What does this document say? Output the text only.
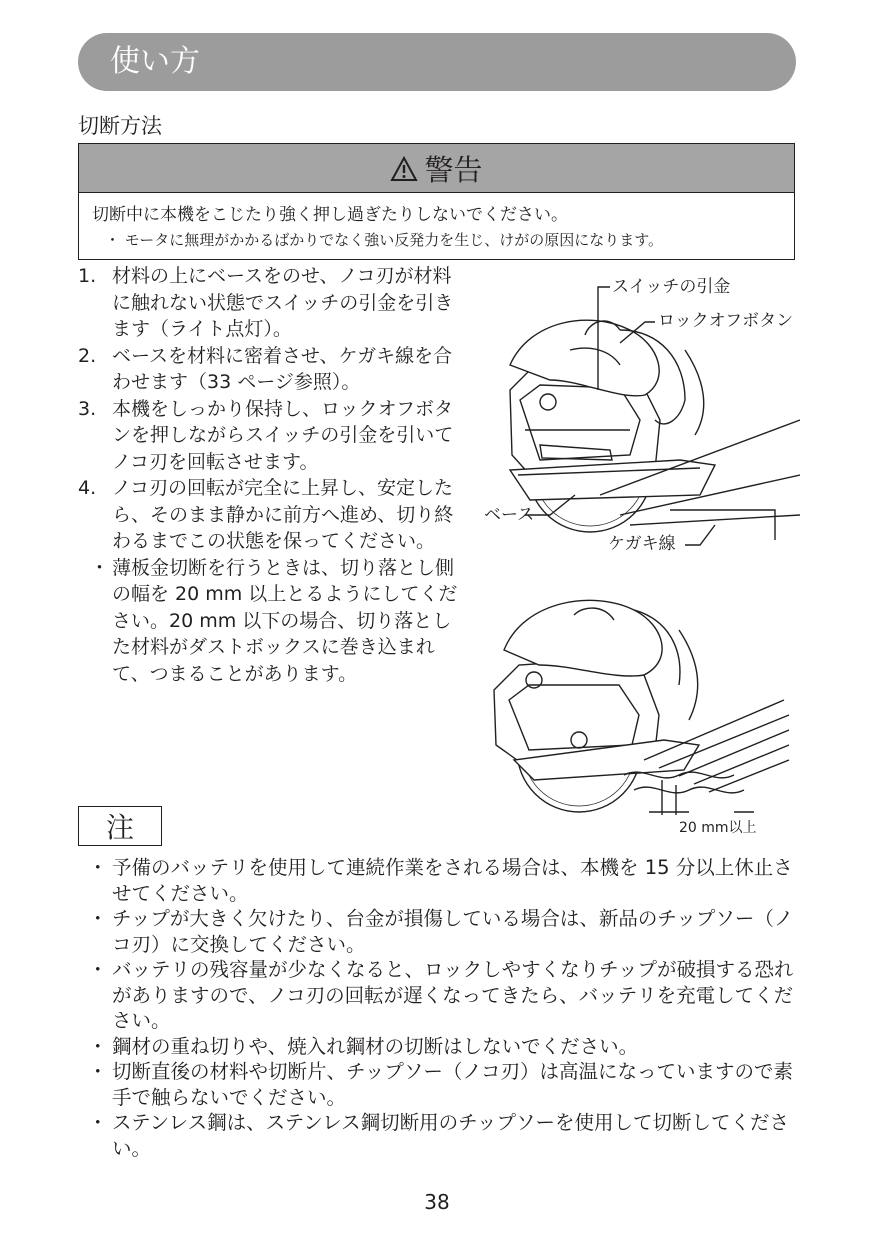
使い方
切断方法
警告
切断中に本機をこじたり強く押し過ぎたりしないでください。
・ モータに無理がかかるばかりでなく強い反発力を生じ、けがの原因になります。
1. 材料の上にベースをのせ、ノコ刃が材料に触れない状態でスイッチの引金を引きます（ライト点灯）。
2. ベースを材料に密着させ、ケガキ線を合わせます（33 ページ参照）。
3. 本機をしっかり保持し、ロックオフボタンを押しながらスイッチの引金を引いてノコ刃を回転させます。
4. ノコ刃の回転が完全に上昇し、安定したら、そのまま静かに前方へ進め、切り終わるまでこの状態を保ってください。
・ 薄板金切断を行うときは、切り落とし側の幅を 20 mm 以上とるようにしてください。20 mm 以下の場合、切り落とした材料がダストボックスに巻き込まれて、つまることがあります。
スイッチの引金
ロックオフボタン
ベース
ケガキ線
20 mm以上
注
・ 予備のバッテリを使用して連続作業をされる場合は、本機を 15 分以上休止させてください。
・ チップが大きく欠けたり、台金が損傷している場合は、新品のチップソー（ノコ刃）に交換してください。
・ バッテリの残容量が少なくなると、ロックしやすくなりチップが破損する恐れがありますので、ノコ刃の回転が遅くなってきたら、バッテリを充電してください。
・ 鋼材の重ね切りや、焼入れ鋼材の切断はしないでください。
・ 切断直後の材料や切断片、チップソー（ノコ刃）は高温になっていますので素手で触らないでください。
・ ステンレス鋼は、ステンレス鋼切断用のチップソーを使用して切断してください。
38
